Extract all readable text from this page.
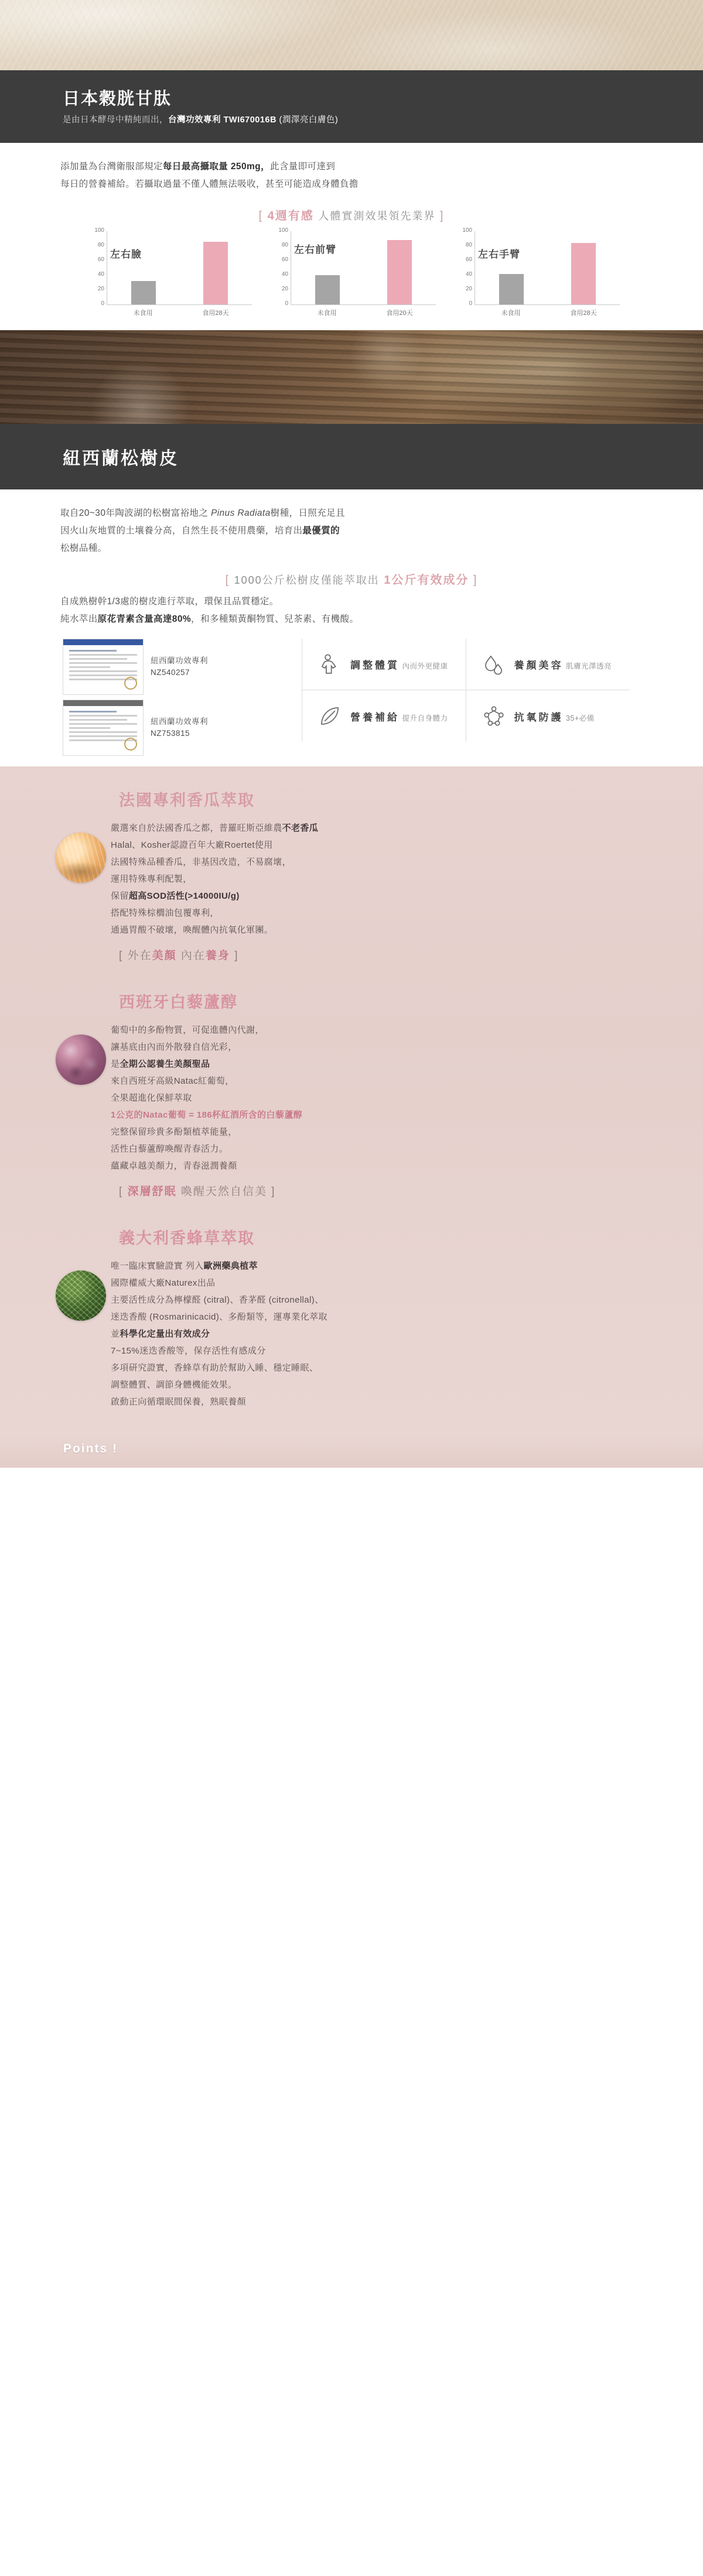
日本穀胱甘肽
是由日本酵母中精純而出，台灣功效專利 TWI670016B (潤澤亮白膚色)
添加量為台灣衛服部規定每日最高攝取量 250mg，此含量即可達到
每日的營養補給。若攝取過量不僅人體無法吸收，甚至可能造成身體負擔
[ 4週有感 人體實測效果領先業界 ]
左右臉
100
80
60
40
20
0
未食用	食用28天
左右前臂
100
80
60
40
20
0
未食用	食用20天
左右手臂
100
80
60
40
20
0
未食用	食用28天
紐西蘭松樹皮
取自20~30年陶波湖的松樹富裕地之 Pinus Radiata樹種，日照充足且
因火山灰地質的土壤養分高，自然生長不使用農藥，培育出最優質的
松樹品種。
[ 1000公斤松樹皮僅能萃取出 1公斤有效成分 ]
自成熟樹幹1/3處的樹皮進行萃取，環保且品質穩定。
純水萃出原花青素含量高達80%，和多種類黃酮物質、兒茶素、有機酸。
紐西蘭功效專利
NZ540257
紐西蘭功效專利
NZ753815
調整體質 內而外更健康	養顏美容 肌膚光澤透亮
營養補給 提升自身體力	抗氧防護 35+必備
法國專利香瓜萃取
嚴選來自於法國香瓜之都，普羅旺斯亞維農不老香瓜
Halal、Kosher認證百年大廠Roertet使用
法國特殊品種香瓜，非基因改造，不易腐壞，
運用特殊專利配製，
保留超高SOD活性(>14000IU/g)
搭配特殊棕櫚油包覆專利，
通過胃酸不破壞，喚醒體內抗氧化軍團。
[ 外在美顏 內在養身 ]
西班牙白藜蘆醇
葡萄中的多酚物質，可促進體內代謝，
讓基底由內而外散發自信光彩，
是全期公認養生美顏聖品
來自西班牙高級Natac紅葡萄，
全果超進化保鮮萃取
1公克的Natac葡萄 = 186杯紅酒所含的白藜蘆醇
完整保留珍貴多酚類植萃能量，
活性白藜蘆醇喚醒青春活力。
蘊藏卓越美顏力，青春滋潤養顏
[ 深層舒眠 喚醒天然自信美 ]
義大利香蜂草萃取
唯一臨床實驗證實 列入歐洲藥典植萃
國際權威大廠Naturex出品
主要活性成分為檸檬醛 (citral)、香茅醛 (citronellal)、
迷迭香酸 (Rosmarinicacid)、多酚類等，運專業化萃取
並科學化定量出有效成分
7~15%迷迭香酸等，保存活性有感成分
多項研究證實，香蜂草有助於幫助入睡、穩定睡眠、
調整體質、調節身體機能效果。
啟動正向循環眠間保養，熟眠養顏
Points !
